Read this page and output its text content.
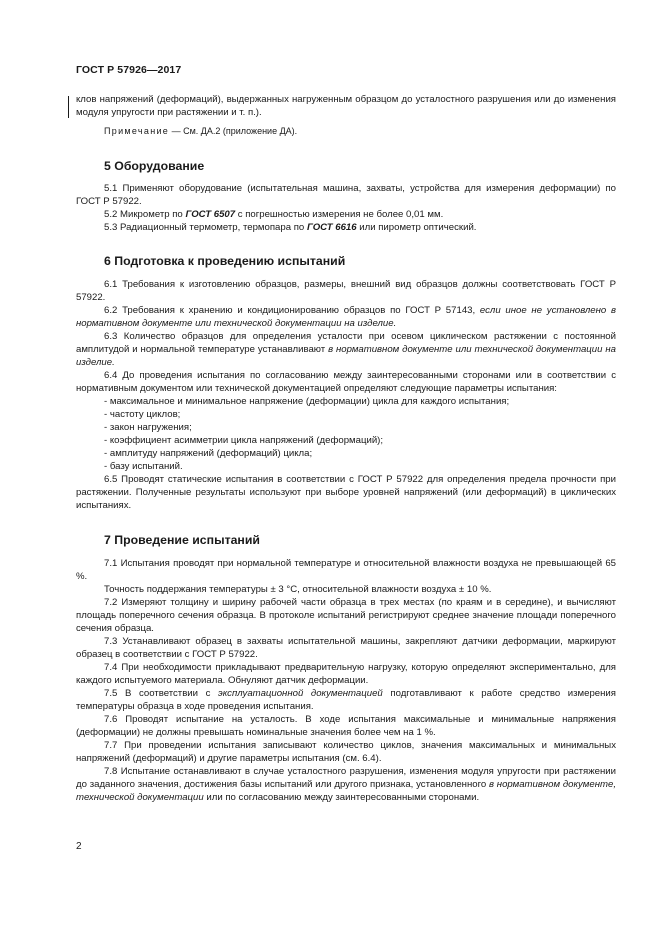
ГОСТ Р 57926—2017

клов напряжений (деформаций), выдержанных нагруженным образцом до усталостного разрушения или до изменения модуля упругости при растяжении и т. п.).

Примечание — См. ДА.2 (приложение ДА).

5 Оборудование

5.1 Применяют оборудование (испытательная машина, захваты, устройства для измерения деформации) по ГОСТ Р 57922.

5.2 Микрометр по ГОСТ 6507 с погрешностью измерения не более 0,01 мм.

5.3 Радиационный термометр, термопара по ГОСТ 6616 или пирометр оптический.

6 Подготовка к проведению испытаний

6.1 Требования к изготовлению образцов, размеры, внешний вид образцов должны соответствовать ГОСТ Р 57922.

6.2 Требования к хранению и кондиционированию образцов по ГОСТ Р 57143, если иное не установлено в нормативном документе или технической документации на изделие.

6.3 Количество образцов для определения усталости при осевом циклическом растяжении с постоянной амплитудой и нормальной температуре устанавливают в нормативном документе или технической документации на изделие.

6.4 До проведения испытания по согласованию между заинтересованными сторонами или в соответствии с нормативным документом или технической документацией определяют следующие параметры испытания:

- максимальное и минимальное напряжение (деформации) цикла для каждого испытания;

- частоту циклов;

- закон нагружения;

- коэффициент асимметрии цикла напряжений (деформаций);

- амплитуду напряжений (деформаций) цикла;

- базу испытаний.

6.5 Проводят статические испытания в соответствии с ГОСТ Р 57922 для определения предела прочности при растяжении. Полученные результаты используют при выборе уровней напряжений (или деформаций) в циклических испытаниях.

7 Проведение испытаний

7.1 Испытания проводят при нормальной температуре и относительной влажности воздуха не превышающей 65 %.

Точность поддержания температуры ± 3 °С, относительной влажности воздуха ± 10 %.

7.2 Измеряют толщину и ширину рабочей части образца в трех местах (по краям и в середине), и вычисляют площадь поперечного сечения образца. В протоколе испытаний регистрируют среднее значение площади поперечного сечения образца.

7.3 Устанавливают образец в захваты испытательной машины, закрепляют датчики деформации, маркируют образец в соответствии с ГОСТ Р 57922.

7.4 При необходимости прикладывают предварительную нагрузку, которую определяют экспериментально, для каждого испытуемого материала. Обнуляют датчик деформации.

7.5 В соответствии с эксплуатационной документацией подготавливают к работе средство измерения температуры образца в ходе проведения испытания.

7.6 Проводят испытание на усталость. В ходе испытания максимальные и минимальные напряжения (деформации) не должны превышать номинальные значения более чем на 1 %.

7.7 При проведении испытания записывают количество циклов, значения максимальных и минимальных напряжений (деформаций) и другие параметры испытания (см. 6.4).

7.8 Испытание останавливают в случае усталостного разрушения, изменения модуля упругости при растяжении до заданного значения, достижения базы испытаний или другого признака, установленного в нормативном документе, технической документации или по согласованию между заинтересованными сторонами.

2
